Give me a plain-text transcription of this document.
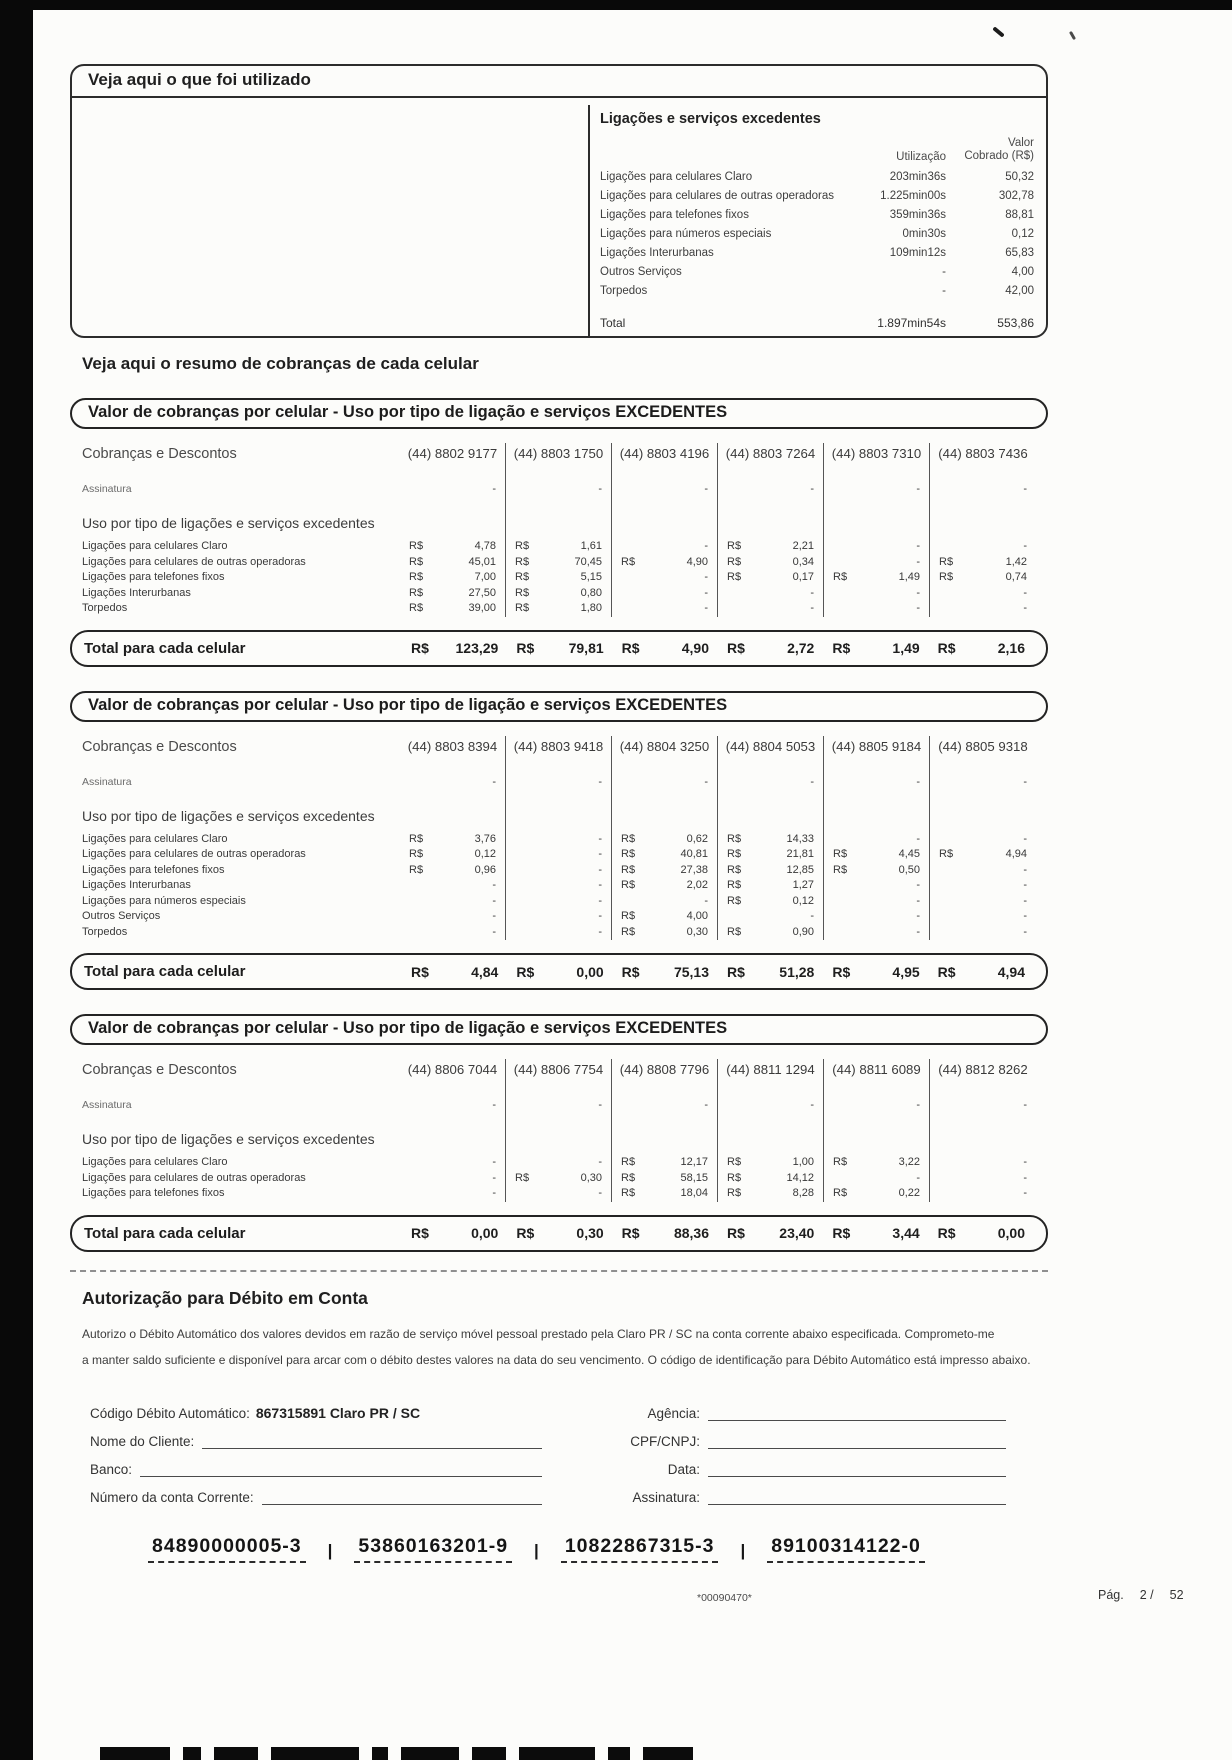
Veja aqui o que foi utilizado
Ligações e serviços excedentes
Utilização
Valor
Cobrado (R$)
Ligações para celulares Claro	203min36s	50,32
Ligações para celulares de outras operadoras	1.225min00s	302,78
Ligações para telefones fixos	359min36s	88,81
Ligações para números especiais	0min30s	0,12
Ligações Interurbanas	109min12s	65,83
Outros Serviços	-	4,00
Torpedos	-	42,00
Total	1.897min54s	553,86
Veja aqui o resumo de cobranças de cada celular
Valor de cobranças por celular - Uso por tipo de ligação e serviços EXCEDENTES
Cobranças e Descontos	(44) 8802 9177	(44) 8803 1750	(44) 8803 4196	(44) 8803 7264	(44) 8803 7310	(44) 8803 7436
Assinatura	-	-	-	-	-	-
Uso por tipo de ligações e serviços excedentes
Ligações para celulares Claro	R$	4,78 R$	1,61	-	R$	2,21	-	-
Ligações para celulares de outras operadoras	R$	45,01 R$	70,45 R$	4,90 R$	0,34	-	R$	1,42
Ligações para telefones fixos	R$	7,00 R$	5,15	-	R$	0,17 R$	1,49 R$	0,74
Ligações Interurbanas	R$	27,50 R$	0,80	-	-	-	-
Torpedos	R$	39,00 R$	1,80	-	-	-	-
Total para cada celular	R$ 123,29 R$ 79,81 R$	4,90 R$	2,72 R$	1,49 R$	2,16
Valor de cobranças por celular - Uso por tipo de ligação e serviços EXCEDENTES
Cobranças e Descontos	(44) 8803 8394	(44) 8803 9418	(44) 8804 3250	(44) 8804 5053	(44) 8805 9184	(44) 8805 9318
Assinatura	-	-	-	-	-	-
Uso por tipo de ligações e serviços excedentes
Ligações para celulares Claro	R$	3,76	-	R$	0,62 R$	14,33	-	-
Ligações para celulares de outras operadoras	R$	0,12	-	R$	40,81 R$	21,81 R$	4,45 R$	4,94
Ligações para telefones fixos	R$	0,96	-	R$	27,38 R$	12,85 R$	0,50	-
Ligações Interurbanas	-	-	R$	2,02 R$	1,27	-	-
Ligações para números especiais	-	-	-	R$	0,12	-	-
Outros Serviços	-	-	R$	4,00	-	-	-
Torpedos	-	-	R$	0,30 R$	0,90	-	-
Total para cada celular	R$	4,84 R$	0,00 R$ 75,13 R$ 51,28 R$	4,95 R$	4,94
Valor de cobranças por celular - Uso por tipo de ligação e serviços EXCEDENTES
Cobranças e Descontos	(44) 8806 7044	(44) 8806 7754	(44) 8808 7796	(44) 8811 1294	(44) 8811 6089	(44) 8812 8262
Assinatura	-	-	-	-	-	-
Uso por tipo de ligações e serviços excedentes
Ligações para celulares Claro	-	-	R$	12,17 R$	1,00 R$	3,22	-
Ligações para celulares de outras operadoras	-	R$	0,30 R$	58,15 R$	14,12	-	-
Ligações para telefones fixos	-	-	R$	18,04 R$	8,28 R$	0,22	-
Total para cada celular	R$	0,00 R$	0,30 R$ 88,36 R$ 23,40 R$	3,44 R$	0,00
Autorização para Débito em Conta
Autorizo o Débito Automático dos valores devidos em razão de serviço móvel pessoal prestado pela Claro PR / SC na conta corrente abaixo especificada. Comprometo-me
a manter saldo suficiente e disponível para arcar com o débito destes valores na data do seu vencimento. O código de identificação para Débito Automático está impresso abaixo.
Código Débito Automático: 867315891 Claro PR / SC
Nome do Cliente:
Banco:
Número da conta Corrente:
Agência:
CPF/CNPJ:
Data:
Assinatura:
84890000005-3 | 53860163201-9 | 10822867315-3 | 89100314122-0
*00090470*	Pág. 2 / 52
